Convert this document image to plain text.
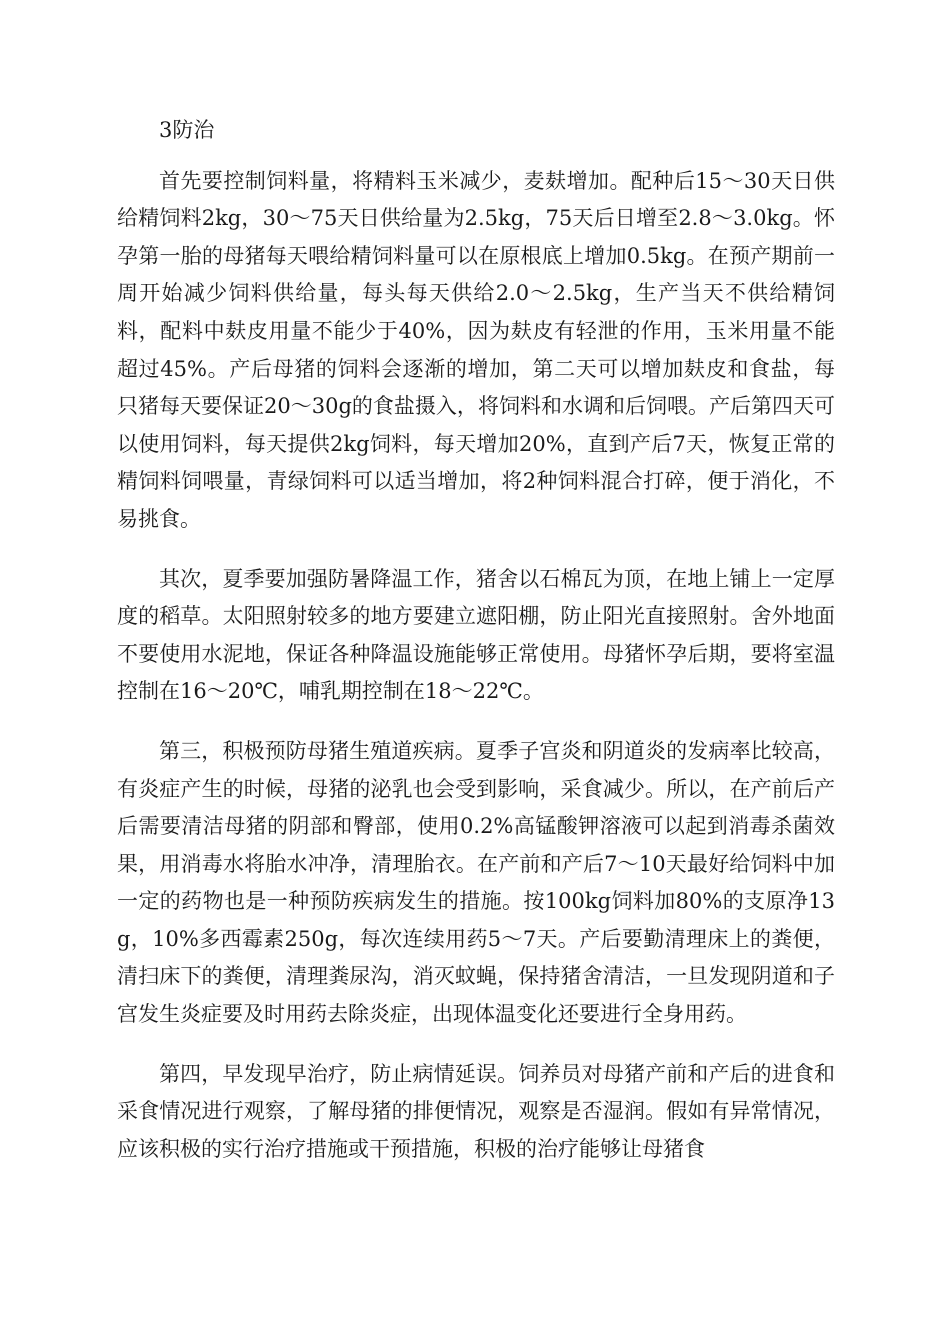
3防治

首先要控制饲料量，将精料玉米减少，麦麸增加。配种后15～30天日供给精饲料2kg，30～75天日供给量为2.5kg，75天后日增至2.8～3.0kg。怀孕第一胎的母猪每天喂给精饲料量可以在原根底上增加0.5kg。在预产期前一周开始减少饲料供给量，每头每天供给2.0～2.5kg，生产当天不供给精饲料，配料中麸皮用量不能少于40%，因为麸皮有轻泄的作用，玉米用量不能超过45%。产后母猪的饲料会逐渐的增加，第二天可以增加麸皮和食盐，每只猪每天要保证20～30g的食盐摄入，将饲料和水调和后饲喂。产后第四天可以使用饲料，每天提供2kg饲料，每天增加20%，直到产后7天，恢复正常的精饲料饲喂量，青绿饲料可以适当增加，将2种饲料混合打碎，便于消化，不易挑食。

其次，夏季要加强防暑降温工作，猪舍以石棉瓦为顶，在地上铺上一定厚度的稻草。太阳照射较多的地方要建立遮阳棚，防止阳光直接照射。舍外地面不要使用水泥地，保证各种降温设施能够正常使用。母猪怀孕后期，要将室温控制在16～20℃，哺乳期控制在18～22℃。

第三，积极预防母猪生殖道疾病。夏季子宫炎和阴道炎的发病率比较高，有炎症产生的时候，母猪的泌乳也会受到影响，采食减少。所以，在产前后产后需要清洁母猪的阴部和臀部，使用0.2%高锰酸钾溶液可以起到消毒杀菌效果，用消毒水将胎水冲净，清理胎衣。在产前和产后7～10天最好给饲料中加一定的药物也是一种预防疾病发生的措施。按100kg饲料加80%的支原净13g，10%多西霉素250g，每次连续用药5～7天。产后要勤清理床上的粪便，清扫床下的粪便，清理粪尿沟，消灭蚊蝇，保持猪舍清洁，一旦发现阴道和子宫发生炎症要及时用药去除炎症，出现体温变化还要进行全身用药。

第四，早发现早治疗，防止病情延误。饲养员对母猪产前和产后的进食和采食情况进行观察，了解母猪的排便情况，观察是否湿润。假如有异常情况，应该积极的实行治疗措施或干预措施，积极的治疗能够让母猪食
